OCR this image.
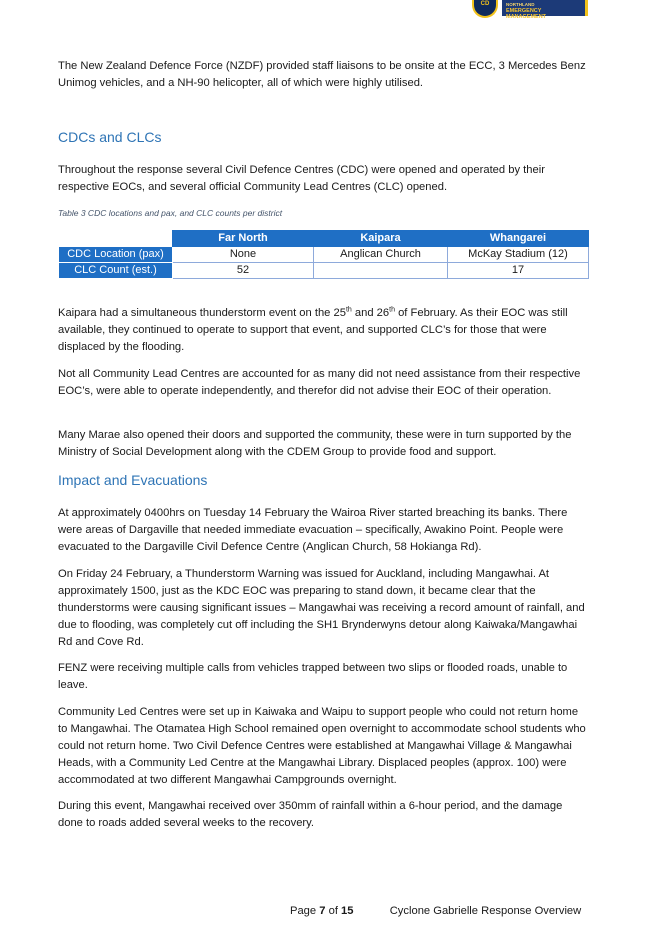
CD	NORTHLAND
EMERGENCY MANAGEMENT

The New Zealand Defence Force (NZDF) provided staff liaisons to be onsite at the ECC, 3 Mercedes Benz Unimog vehicles, and a NH-90 helicopter, all of which were highly utilised.

CDCs and CLCs

Throughout the response several Civil Defence Centres (CDC) were opened and operated by their respective EOCs, and several official Community Lead Centres (CLC) opened.

Table 3 CDC locations and pax, and CLC counts per district
	Far North	Kaipara	Whangarei
CDC Location (pax)	None	Anglican Church	McKay Stadium (12)
CLC Count (est.)	52		17

Kaipara had a simultaneous thunderstorm event on the 25th and 26th of February. As their EOC was still available, they continued to operate to support that event, and supported CLC’s for those that were displaced by the flooding.

Not all Community Lead Centres are accounted for as many did not need assistance from their respective EOC’s, were able to operate independently, and therefor did not advise their EOC of their operation.

Many Marae also opened their doors and supported the community, these were in turn supported by the Ministry of Social Development along with the CDEM Group to provide food and support.

Impact and Evacuations

At approximately 0400hrs on Tuesday 14 February the Wairoa River started breaching its banks. There were areas of Dargaville that needed immediate evacuation – specifically, Awakino Point. People were evacuated to the Dargaville Civil Defence Centre (Anglican Church, 58 Hokianga Rd).

On Friday 24 February, a Thunderstorm Warning was issued for Auckland, including Mangawhai. At approximately 1500, just as the KDC EOC was preparing to stand down, it became clear that the thunderstorms were causing significant issues – Mangawhai was receiving a record amount of rainfall, and due to flooding, was completely cut off including the SH1 Brynderwyns detour along Kaiwaka/Mangawhai Rd and Cove Rd.

FENZ were receiving multiple calls from vehicles trapped between two slips or flooded roads, unable to leave.

Community Led Centres were set up in Kaiwaka and Waipu to support people who could not return home to Mangawhai. The Otamatea High School remained open overnight to accommodate school students who could not return home. Two Civil Defence Centres were established at Mangawhai Village & Mangawhai Heads, with a Community Led Centre at the Mangawhai Library. Displaced peoples (approx. 100) were accommodated at two different Mangawhai Campgrounds overnight.

During this event, Mangawhai received over 350mm of rainfall within a 6-hour period, and the damage done to roads added several weeks to the recovery.

Page 7 of 15	Cyclone Gabrielle Response Overview
